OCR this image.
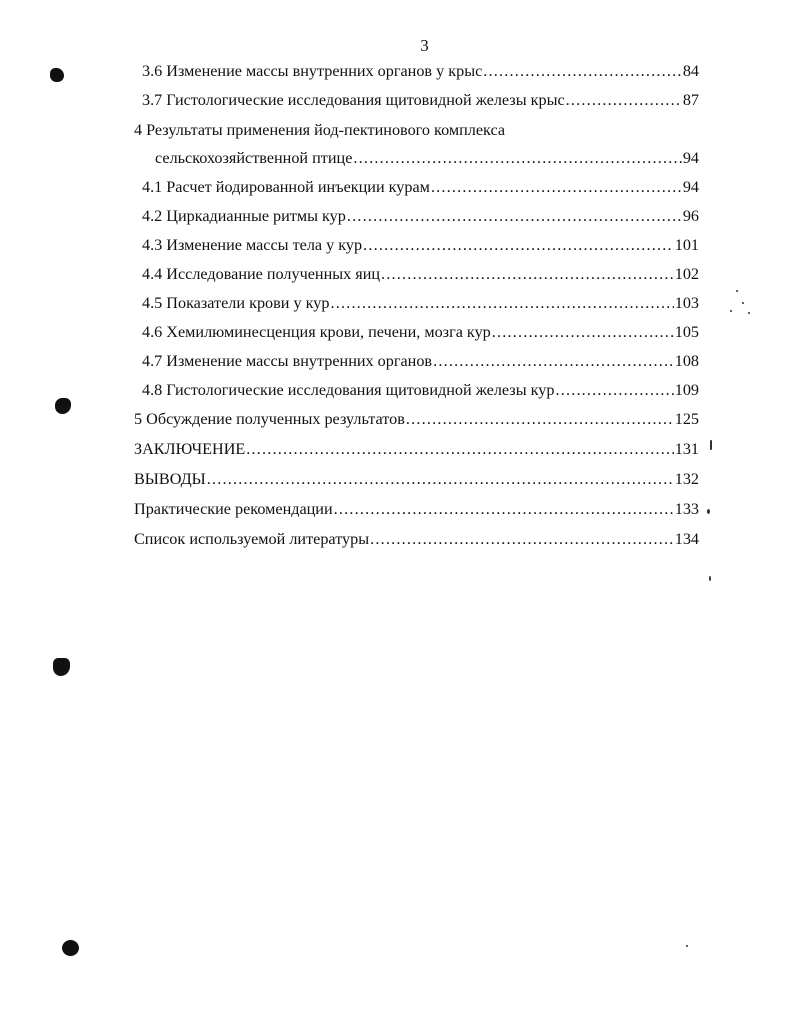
3
3.6 Изменение массы внутренних органов у крыс .....	84
3.7 Гистологические исследования щитовидной железы крыс .....	87
4 Результаты применения йод-пектинового комплекса
сельскохозяйственной птице .....	94
4.1 Расчет йодированной инъекции курам .....	94
4.2 Циркадианные ритмы кур .....	96
4.3 Изменение массы тела у кур .....	101
4.4 Исследование полученных яиц .....	102
4.5 Показатели крови у кур .....	103
4.6 Хемилюминесценция крови, печени, мозга кур .....	105
4.7 Изменение массы внутренних органов .....	108
4.8 Гистологические исследования щитовидной железы кур .....	109
5 Обсуждение полученных результатов .....	125
ЗАКЛЮЧЕНИЕ .....	131
ВЫВОДЫ .....	132
Практические рекомендации .....	133
Список используемой литературы .....	134
